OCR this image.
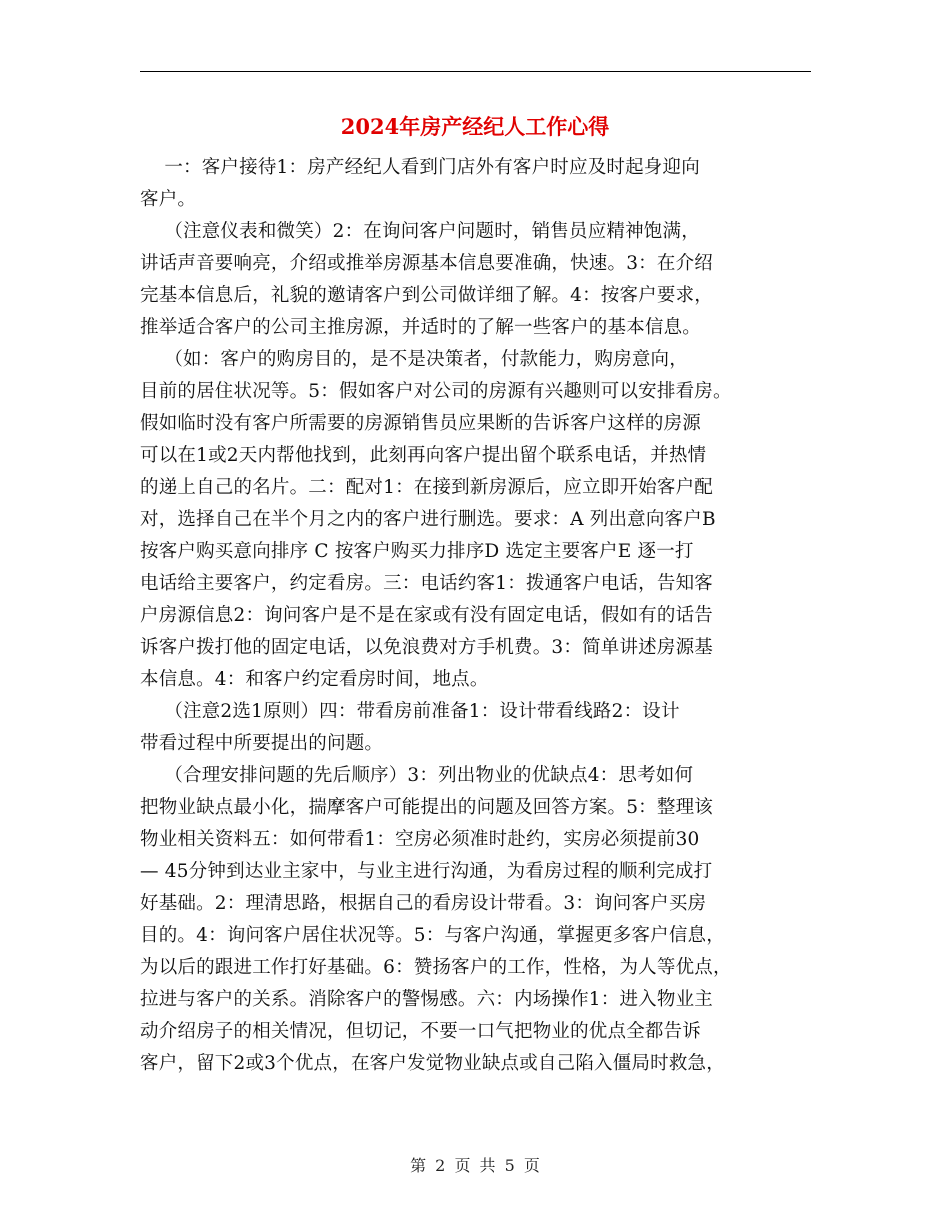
2024年房产经纪人工作心得
一：客户接待1：房产经纪人看到门店外有客户时应及时起身迎向
客户。
（注意仪表和微笑）2：在询问客户问题时，销售员应精神饱满，
讲话声音要响亮，介绍或推举房源基本信息要准确，快速。3：在介绍
完基本信息后，礼貌的邀请客户到公司做详细了解。4：按客户要求，
推举适合客户的公司主推房源，并适时的了解一些客户的基本信息。
（如：客户的购房目的，是不是决策者，付款能力，购房意向，
目前的居住状况等。5：假如客户对公司的房源有兴趣则可以安排看房。
假如临时没有客户所需要的房源销售员应果断的告诉客户这样的房源
可以在1或2天内帮他找到，此刻再向客户提出留个联系电话，并热情
的递上自己的名片。二：配对1：在接到新房源后，应立即开始客户配
对，选择自己在半个月之内的客户进行删选。要求：A 列出意向客户B
按客户购买意向排序 C 按客户购买力排序D 选定主要客户E 逐一打
电话给主要客户，约定看房。三：电话约客1：拨通客户电话，告知客
户房源信息2：询问客户是不是在家或有没有固定电话，假如有的话告
诉客户拨打他的固定电话，以免浪费对方手机费。3：简单讲述房源基
本信息。4：和客户约定看房时间，地点。
（注意2选1原则）四：带看房前准备1：设计带看线路2：设计
带看过程中所要提出的问题。
（合理安排问题的先后顺序）3：列出物业的优缺点4：思考如何
把物业缺点最小化，揣摩客户可能提出的问题及回答方案。5：整理该
物业相关资料五：如何带看1：空房必须准时赴约，实房必须提前30
— 45分钟到达业主家中，与业主进行沟通，为看房过程的顺利完成打
好基础。2：理清思路，根据自己的看房设计带看。3：询问客户买房
目的。4：询问客户居住状况等。5：与客户沟通，掌握更多客户信息，
为以后的跟进工作打好基础。6：赞扬客户的工作，性格，为人等优点，
拉进与客户的关系。消除客户的警惕感。六：内场操作1：进入物业主
动介绍房子的相关情况，但切记，不要一口气把物业的优点全都告诉
客户，留下2或3个优点，在客户发觉物业缺点或自己陷入僵局时救急，
第 2 页 共 5 页
